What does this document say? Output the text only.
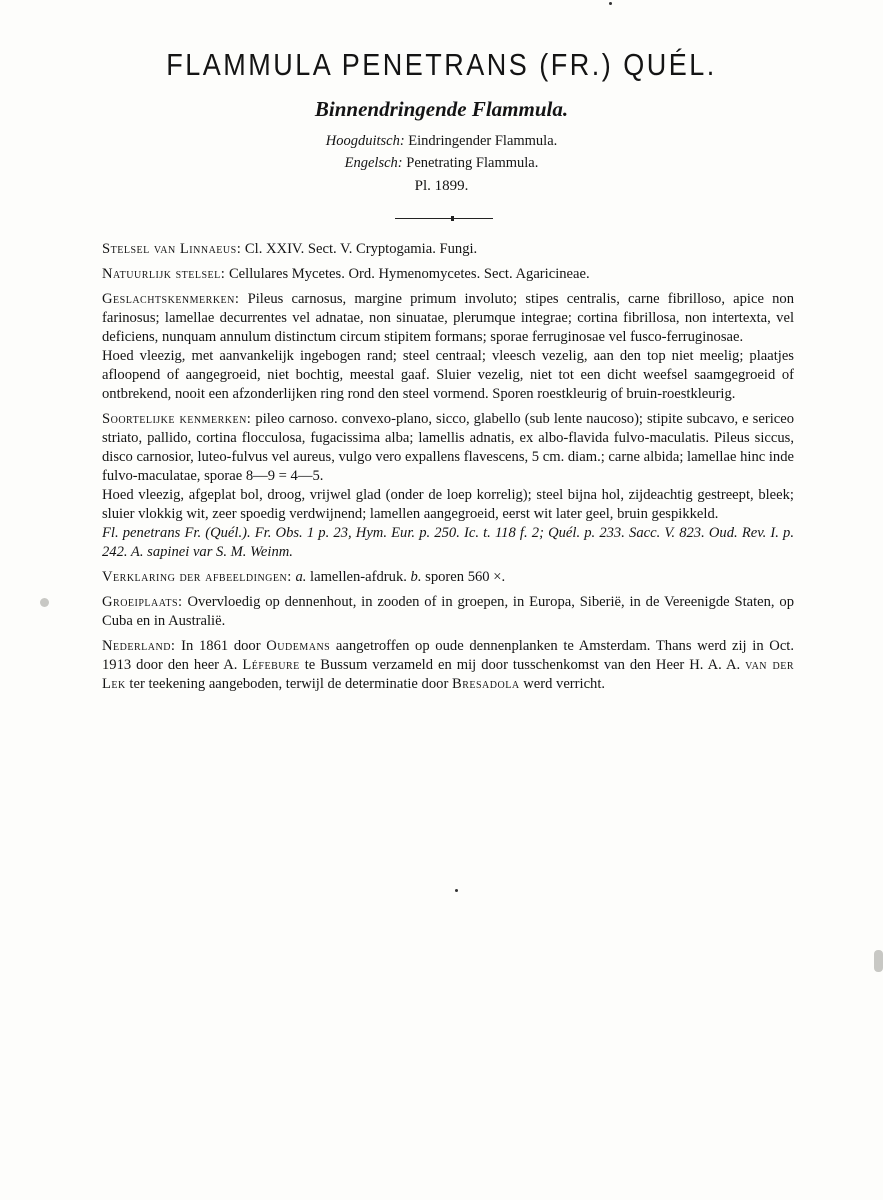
FLAMMULA PENETRANS (FR.) QUÉL.
Binnendringende Flammula.
Hoogduitsch: Eindringender Flammula.
Engelsch: Penetrating Flammula.
Pl. 1899.

Stelsel van Linnaeus: Cl. XXIV. Sect. V. Cryptogamia. Fungi.

Natuurlijk stelsel: Cellulares Mycetes. Ord. Hymenomycetes. Sect. Agaricineae.

Geslachtskenmerken: Pileus carnosus, margine primum involuto; stipes centralis, carne fibrilloso, apice non farinosus; lamellae decurrentes vel adnatae, non sinuatae, plerumque integrae; cortina fibrillosa, non intertexta, vel deficiens, nunquam annulum distinctum circum stipitem formans; sporae ferruginosae vel fusco-ferruginosae.

Hoed vleezig, met aanvankelijk ingebogen rand; steel centraal; vleesch vezelig, aan den top niet meelig; plaatjes afloopend of aangegroeid, niet bochtig, meestal gaaf. Sluier vezelig, niet tot een dicht weefsel saamgegroeid of ontbrekend, nooit een afzonderlijken ring rond den steel vormend. Sporen roestkleurig of bruin-roestkleurig.

Soortelijke kenmerken: pileo carnoso. convexo-plano, sicco, glabello (sub lente naucoso); stipite subcavo, e sericeo striato, pallido, cortina flocculosa, fugacissima alba; lamellis adnatis, ex albo-flavida fulvo-maculatis. Pileus siccus, disco carnosior, luteo-fulvus vel aureus, vulgo vero expallens flavescens, 5 cm. diam.; carne albida; lamellae hinc inde fulvo-maculatae, sporae 8—9 = 4—5.

Hoed vleezig, afgeplat bol, droog, vrijwel glad (onder de loep korrelig); steel bijna hol, zijdeachtig gestreept, bleek; sluier vlokkig wit, zeer spoedig verdwijnend; lamellen aangegroeid, eerst wit later geel, bruin gespikkeld.

Fl. penetrans Fr. (Quél.). Fr. Obs. 1 p. 23, Hym. Eur. p. 250. Ic. t. 118 f. 2; Quél. p. 233. Sacc. V. 823. Oud. Rev. I. p. 242. A. sapinei var S. M. Weinm.

Verklaring der afbeeldingen: a. lamellen-afdruk. b. sporen 560 ×.

Groeiplaats: Overvloedig op dennenhout, in zooden of in groepen, in Europa, Siberië, in de Vereenigde Staten, op Cuba en in Australië.

Nederland: In 1861 door Oudemans aangetroffen op oude dennenplanken te Amsterdam. Thans werd zij in Oct. 1913 door den heer A. Léfebure te Bussum verzameld en mij door tusschenkomst van den Heer H. A. A. van der Lek ter teekening aangeboden, terwijl de determinatie door Bresadola werd verricht.
